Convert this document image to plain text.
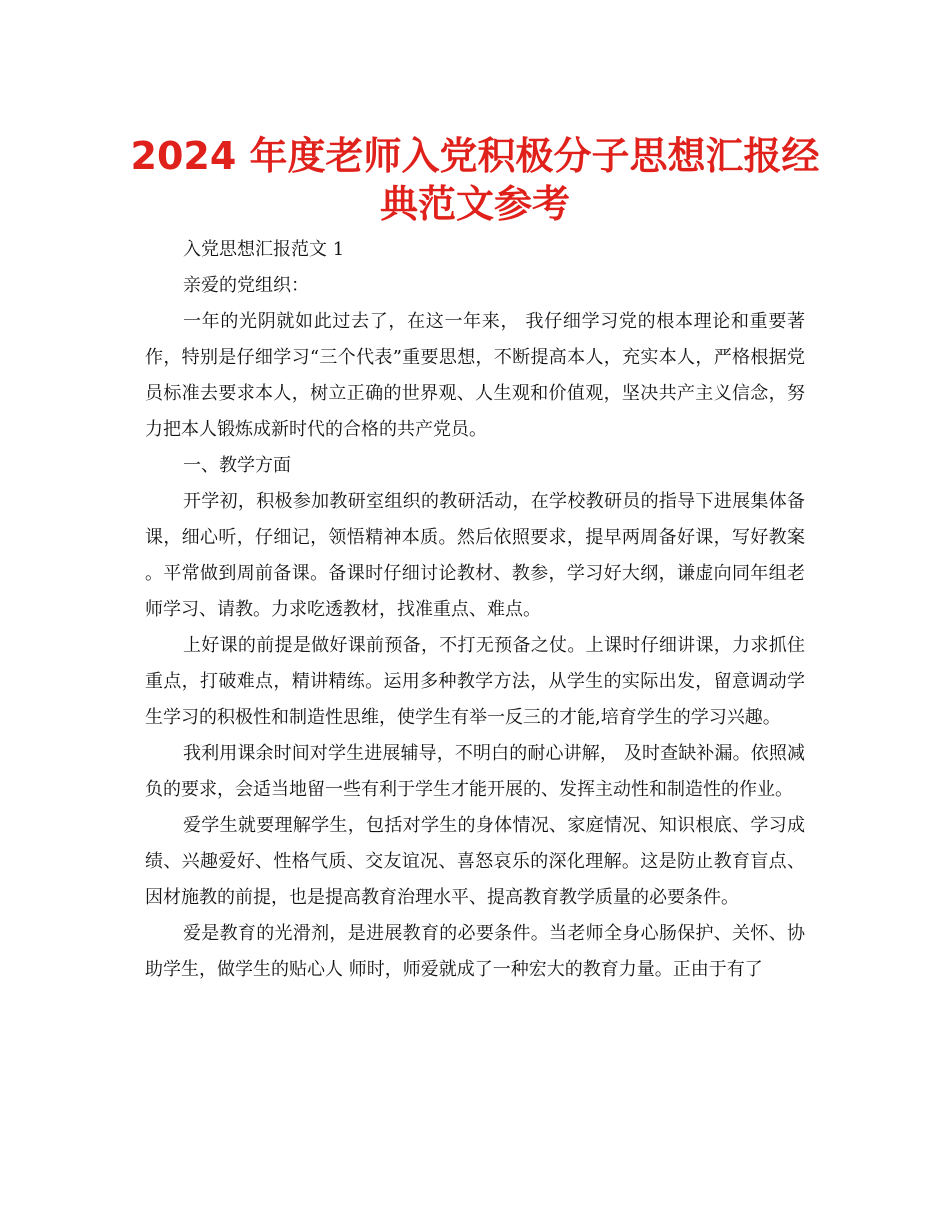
2024 年度老师入党积极分子思想汇报经
典范文参考

入党思想汇报范文 1

亲爱的党组织：

一年的光阴就如此过去了，在这一年来， 我仔细学习党的根本理论和重要著作，特别是仔细学习“三个代表”重要思想，不断提高本人，充实本人，严格根据党员标准去要求本人，树立正确的世界观、人生观和价值观，坚决共产主义信念，努力把本人锻炼成新时代的合格的共产党员。

一、教学方面

开学初，积极参加教研室组织的教研活动，在学校教研员的指导下进展集体备课，细心听，仔细记，领悟精神本质。然后依照要求，提早两周备好课，写好教案 。平常做到周前备课。备课时仔细讨论教材、教参，学习好大纲，谦虚向同年组老师学习、请教。力求吃透教材，找准重点、难点。

上好课的前提是做好课前预备，不打无预备之仗。上课时仔细讲课，力求抓住重点，打破难点，精讲精练。运用多种教学方法，从学生的实际出发，留意调动学生学习的积极性和制造性思维，使学生有举一反三的才能,培育学生的学习兴趣。

我利用课余时间对学生进展辅导，不明白的耐心讲解， 及时查缺补漏。依照减负的要求，会适当地留一些有利于学生才能开展的、发挥主动性和制造性的作业。

爱学生就要理解学生，包括对学生的身体情况、家庭情况、知识根底、学习成绩、兴趣爱好、性格气质、交友谊况、喜怒哀乐的深化理解。这是防止教育盲点、因材施教的前提，也是提高教育治理水平、提高教育教学质量的必要条件。

爱是教育的光滑剂，是进展教育的必要条件。当老师全身心肠保护、关怀、协助学生，做学生的贴心人 师时，师爱就成了一种宏大的教育力量。正由于有了
